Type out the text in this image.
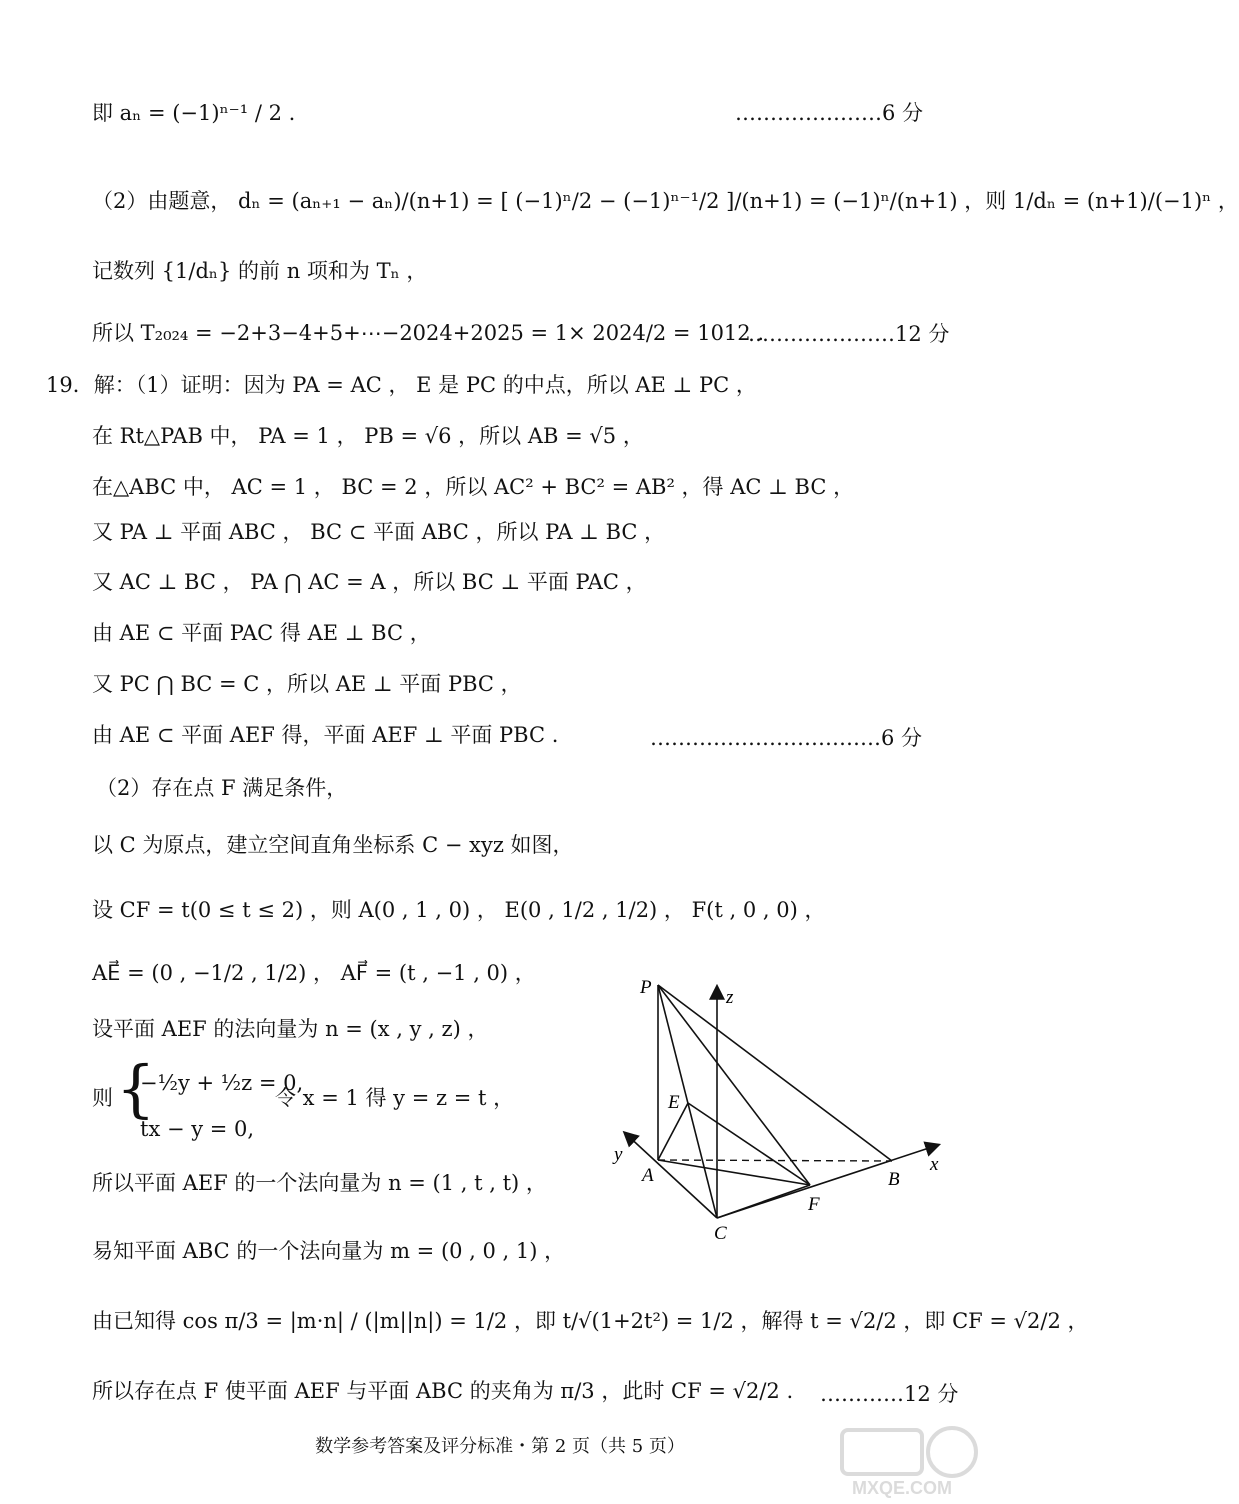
即 aₙ = (−1)ⁿ⁻¹ / 2 .	…………………6 分
（2）由题意， dₙ = (aₙ₊₁ − aₙ)/(n+1) = [ (−1)ⁿ/2 − (−1)ⁿ⁻¹/2 ]/(n+1) = (−1)ⁿ/(n+1) ，则 1/dₙ = (n+1)/(−1)ⁿ ，
记数列 {1/dₙ} 的前 n 项和为 Tₙ ，
所以 T₂₀₂₄ = −2+3−4+5+⋯−2024+2025 = 1× 2024/2 = 1012 .
…………………12 分
19．解：（1）证明：因为 PA = AC ， E 是 PC 的中点，所以 AE ⊥ PC ，
在 Rt△PAB 中， PA = 1 ， PB = √6 ，所以 AB = √5 ，
在△ABC 中， AC = 1 ， BC = 2 ，所以 AC² + BC² = AB² ，得 AC ⊥ BC ，
又 PA ⊥ 平面 ABC ， BC ⊂ 平面 ABC ，所以 PA ⊥ BC ，
又 AC ⊥ BC ， PA ⋂ AC = A ，所以 BC ⊥ 平面 PAC ，
由 AE ⊂ 平面 PAC 得 AE ⊥ BC ，
又 PC ⋂ BC = C ，所以 AE ⊥ 平面 PBC ，
由 AE ⊂ 平面 AEF 得，平面 AEF ⊥ 平面 PBC .	……………………………6 分
（2）存在点 F 满足条件，
以 C 为原点，建立空间直角坐标系 C − xyz 如图，
设 CF = t(0 ≤ t ≤ 2) ，则 A(0 , 1 , 0) ， E(0 , 1/2 , 1/2) ， F(t , 0 , 0) ，
AE⃗ = (0 , −1/2 , 1/2) ， AF⃗ = (t , −1 , 0) ，
设平面 AEF 的法向量为 n = (x , y , z) ，
则 {
−½y + ½z = 0,
tx − y = 0,
令 x = 1 得 y = z = t ，
所以平面 AEF 的一个法向量为 n = (1 , t , t) ，
易知平面 ABC 的一个法向量为 m = (0 , 0 , 1) ，
由已知得 cos π/3 = |m·n| / (|m||n|) = 1/2 ，即 t/√(1+2t²) = 1/2 ，解得 t = √2/2 ，即 CF = √2/2 ，
所以存在点 F 使平面 AEF 与平面 ABC 的夹角为 π/3 ，此时 CF = √2/2 . …………12 分
P	z
E
y
A
x
B
F
C
数学参考答案及评分标准・第 2 页（共 5 页）
MXQE.COM
